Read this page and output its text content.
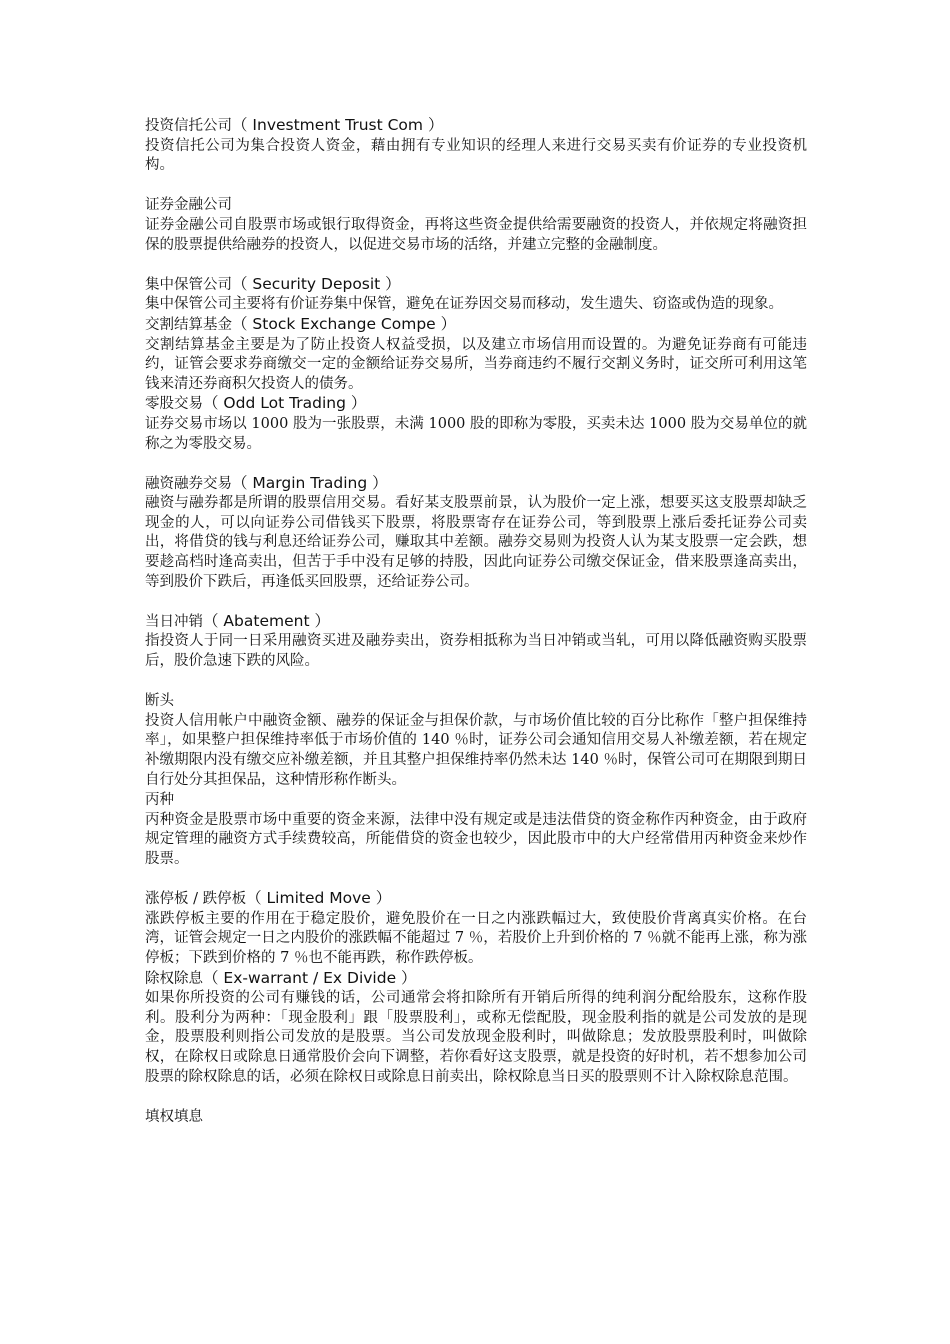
投资信托公司（ Investment Trust Com ）
投资信托公司为集合投资人资金，藉由拥有专业知识的经理人来进行交易买卖有价证券的专业投资机构。
证券金融公司
证券金融公司自股票市场或银行取得资金，再将这些资金提供给需要融资的投资人，并依规定将融资担保的股票提供给融券的投资人，以促进交易市场的活络，并建立完整的金融制度。
集中保管公司（ Security Deposit ）
集中保管公司主要将有价证券集中保管，避免在证券因交易而移动，发生遗失、窃盗或伪造的现象。
交割结算基金（ Stock Exchange Compe ）
交割结算基金主要是为了防止投资人权益受损，以及建立市场信用而设置的。为避免证券商有可能违约，证管会要求券商缴交一定的金额给证券交易所，当券商违约不履行交割义务时，证交所可利用这笔钱来清还券商积欠投资人的债务。
零股交易（ Odd Lot Trading ）
证券交易市场以 1000 股为一张股票，未满 1000 股的即称为零股，买卖未达 1000 股为交易单位的就称之为零股交易。
融资融券交易（ Margin Trading ）
融资与融券都是所谓的股票信用交易。看好某支股票前景，认为股价一定上涨，想要买这支股票却缺乏现金的人，可以向证券公司借钱买下股票，将股票寄存在证券公司，等到股票上涨后委托证券公司卖出，将借贷的钱与利息还给证券公司，赚取其中差额。融券交易则为投资人认为某支股票一定会跌，想要趁高档时逢高卖出，但苦于手中没有足够的持股，因此向证券公司缴交保证金，借来股票逢高卖出，等到股价下跌后，再逢低买回股票，还给证券公司。
当日冲销（ Abatement ）
指投资人于同一日采用融资买进及融券卖出，资券相抵称为当日冲销或当轧，可用以降低融资购买股票后，股价急速下跌的风险。
断头
投资人信用帐户中融资金额、融券的保证金与担保价款，与市场价值比较的百分比称作「整户担保维持率」，如果整户担保维持率低于市场价值的 140 ％时，证券公司会通知信用交易人补缴差额，若在规定补缴期限内没有缴交应补缴差额，并且其整户担保维持率仍然未达 140 ％时，保管公司可在期限到期日自行处分其担保品，这种情形称作断头。
丙种
丙种资金是股票市场中重要的资金来源，法律中没有规定或是违法借贷的资金称作丙种资金，由于政府规定管理的融资方式手续费较高，所能借贷的资金也较少，因此股市中的大户经常借用丙种资金来炒作股票。
涨停板 / 跌停板（ Limited Move ）
涨跌停板主要的作用在于稳定股价，避免股价在一日之内涨跌幅过大，致使股价背离真实价格。在台湾，证管会规定一日之内股价的涨跌幅不能超过 7 ％，若股价上升到价格的 7 ％就不能再上涨，称为涨停板；下跌到价格的 7 ％也不能再跌，称作跌停板。
除权除息（ Ex-warrant / Ex Divide ）
如果你所投资的公司有赚钱的话，公司通常会将扣除所有开销后所得的纯利润分配给股东，这称作股利。股利分为两种：「现金股利」跟「股票股利」，或称无偿配股，现金股利指的就是公司发放的是现金，股票股利则指公司发放的是股票。当公司发放现金股利时，叫做除息；发放股票股利时，叫做除权，在除权日或除息日通常股价会向下调整，若你看好这支股票，就是投资的好时机，若不想参加公司股票的除权除息的话，必须在除权日或除息日前卖出，除权除息当日买的股票则不计入除权除息范围。
填权填息
